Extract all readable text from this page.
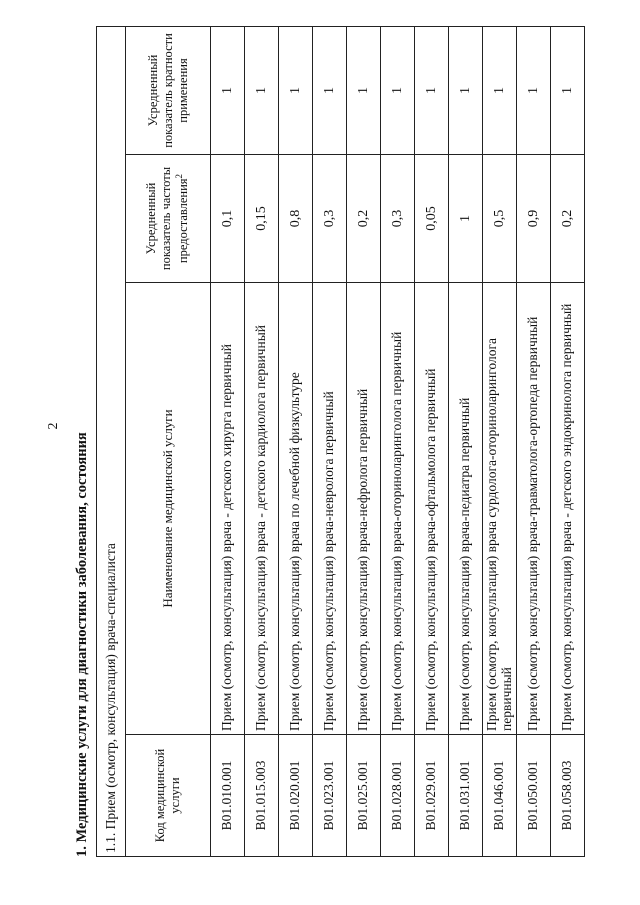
2
1. Медицинские услуги для диагностики заболевания, состояния 1.1. Прием (осмотр, консультация) врача-специалиста			
Код медицинской услуги	Наименование медицинской услуги	Усредненный показатель частоты предоставления$^2$	Усредненный показатель кратности применения
B01.010.001	Прием (осмотр, консультация) врача - детского хирурга первичный	0,1	1
B01.015.003	Прием (осмотр, консультация) врача - детского кардиолога первичный	0,15	1
B01.020.001	Прием (осмотр, консультация) врача по лечебной физкультуре	0,8	1
B01.023.001	Прием (осмотр, консультация) врача-невролога первичный	0,3	1
B01.025.001	Прием (осмотр, консультация) врача-нефролога первичный	0,2	1
B01.028.001	Прием (осмотр, консультация) врача-оториноларинголога первичный	0,3	1
B01.029.001	Прием (осмотр, консультация) врача-офтальмолога первичный	0,05	1
B01.031.001	Прием (осмотр, консультация) врача-педиатра первичный	1	1
B01.046.001	Прием (осмотр, консультация) врача сурдолога-оториноларинголога первичный	0,5	1
B01.050.001	Прием (осмотр, консультация) врача-травматолога-ортопеда первичный	0,9	1
B01.058.003	Прием (осмотр, консультация) врача - детского эндокринолога первичный	0,2	1
